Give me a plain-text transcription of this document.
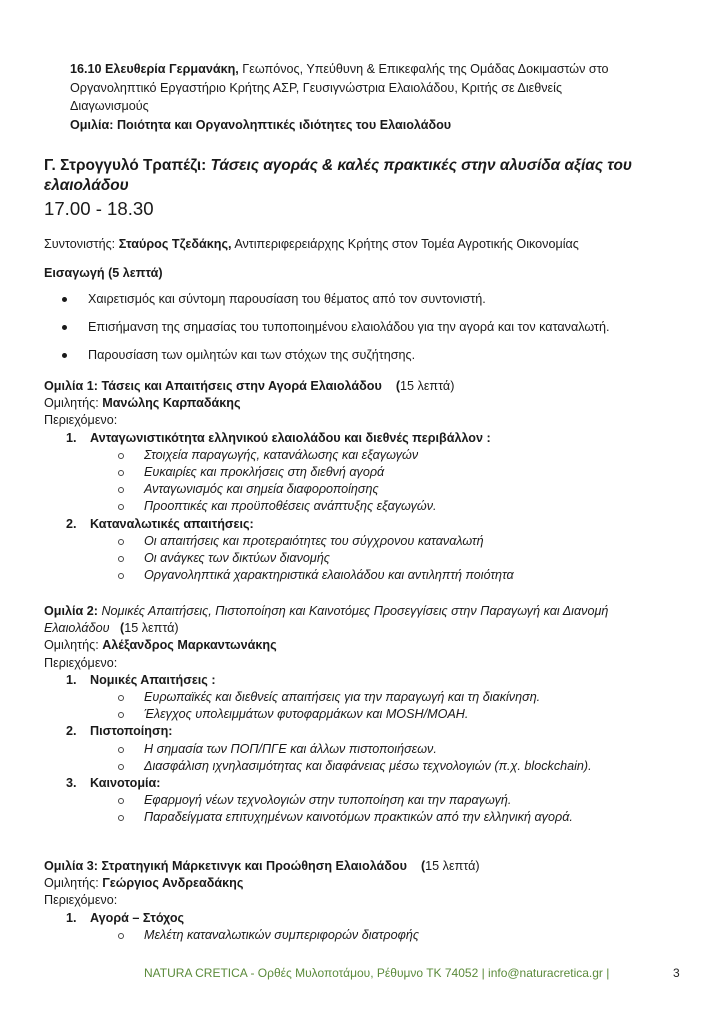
16.10 Ελευθερία Γερμανάκη, Γεωπόνος, Υπεύθυνη & Επικεφαλής της Ομάδας Δοκιμαστών στο
Οργανοληπτικό Εργαστήριο Κρήτης ΑΣΡ, Γευσιγνώστρια Ελαιολάδου, Κριτής σε Διεθνείς
Διαγωνισμούς
Ομιλία: Ποιότητα και Οργανοληπτικές ιδιότητες του Ελαιολάδου
Γ. Στρογγυλό Τραπέζι: Τάσεις αγοράς & καλές πρακτικές στην αλυσίδα αξίας του
ελαιολάδου
17.00 - 18.30
Συντονιστής: Σταύρος Τζεδάκης, Αντιπεριφερειάρχης Κρήτης στον Τομέα Αγροτικής Οικονομίας
Εισαγωγή (5 λεπτά)
Χαιρετισμός και σύντομη παρουσίαση του θέματος από τον συντονιστή.
Επισήμανση της σημασίας του τυποποιημένου ελαιολάδου για την αγορά και τον καταναλωτή.
Παρουσίαση των ομιλητών και των στόχων της συζήτησης.
Ομιλία 1: Τάσεις και Απαιτήσεις στην Αγορά Ελαιολάδου (15 λεπτά)
Ομιλητής: Μανώλης Καρπαδάκης
Περιεχόμενο:
1. Ανταγωνιστικότητα ελληνικού ελαιολάδου και διεθνές περιβάλλον :
Στοιχεία παραγωγής, κατανάλωσης και εξαγωγών
Ευκαιρίες και προκλήσεις στη διεθνή αγορά
Ανταγωνισμός και σημεία διαφοροποίησης
Προοπτικές και προϋποθέσεις ανάπτυξης εξαγωγών.
2. Καταναλωτικές απαιτήσεις:
Οι απαιτήσεις και προτεραιότητες του σύγχρονου καταναλωτή
Οι ανάγκες των δικτύων διανομής
Οργανοληπτικά χαρακτηριστικά ελαιολάδου και αντιληπτή ποιότητα
Ομιλία 2: Νομικές Απαιτήσεις, Πιστοποίηση και Καινοτόμες Προσεγγίσεις στην Παραγωγή και Διανομή
Ελαιολάδου (15 λεπτά)
Ομιλητής: Αλέξανδρος Μαρκαντωνάκης
Περιεχόμενο:
1. Νομικές Απαιτήσεις :
Ευρωπαϊκές και διεθνείς απαιτήσεις για την παραγωγή και τη διακίνηση.
Έλεγχος υπολειμμάτων φυτοφαρμάκων και MOSH/MOAH.
2. Πιστοποίηση:
Η σημασία των ΠΟΠ/ΠΓΕ και άλλων πιστοποιήσεων.
Διασφάλιση ιχνηλασιμότητας και διαφάνειας μέσω τεχνολογιών (π.χ. blockchain).
3. Καινοτομία:
Εφαρμογή νέων τεχνολογιών στην τυποποίηση και την παραγωγή.
Παραδείγματα επιτυχημένων καινοτόμων πρακτικών από την ελληνική αγορά.
Ομιλία 3: Στρατηγική Μάρκετινγκ και Προώθηση Ελαιολάδου (15 λεπτά)
Ομιλητής: Γεώργιος Ανδρεαδάκης
Περιεχόμενο:
1. Αγορά – Στόχος
Μελέτη καταναλωτικών συμπεριφορών διατροφής
NATURA CRETICA - Ορθές Μυλοποτάμου, Ρέθυμνο ΤΚ 74052 | info@naturacretica.gr |	3
